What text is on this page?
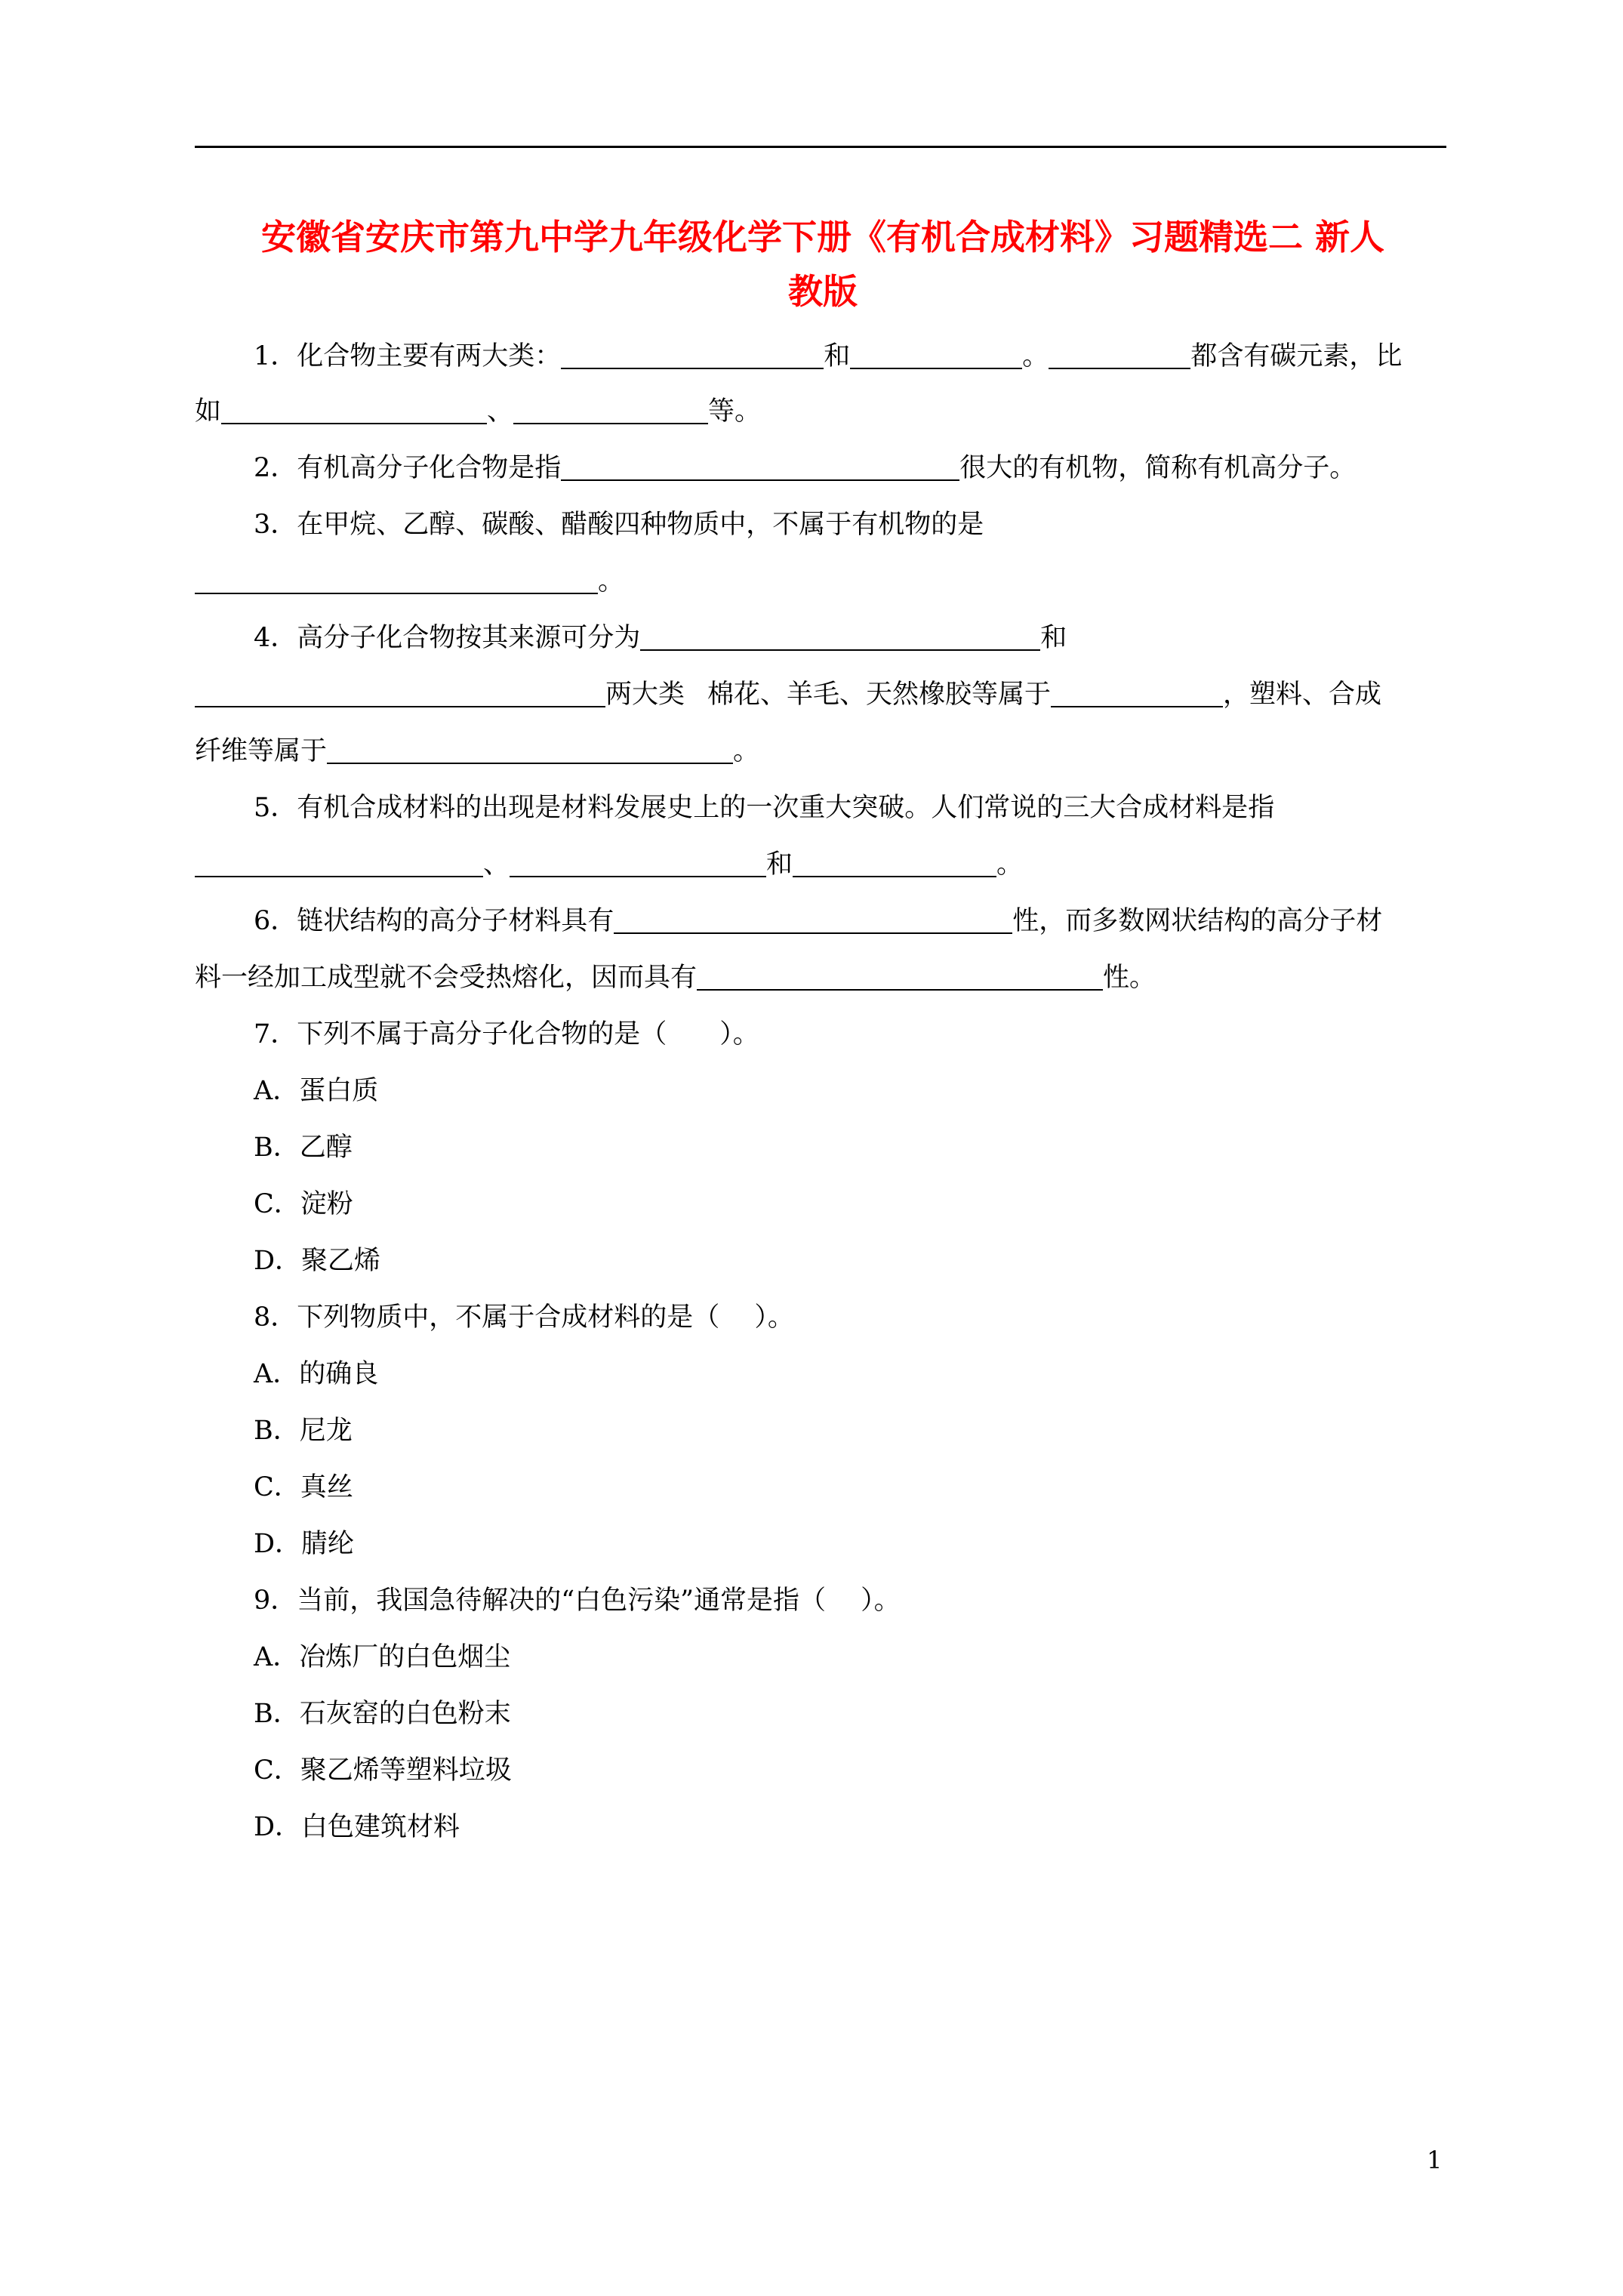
安徽省安庆市第九中学九年级化学下册《有机合成材料》习题精选二 新人
教版
1．化合物主要有两大类：	和	。	都含有碳元素，比
如	、	等。
2．有机高分子化合物是指	很大的有机物，简称有机高分子。
3．在甲烷、乙醇、碳酸、醋酸四种物质中，不属于有机物的是
。
4．高分子化合物按其来源可分为	和
两大类 棉花、羊毛、天然橡胶等属于	，塑料、合成
纤维等属于	。
5．有机合成材料的出现是材料发展史上的一次重大突破。人们常说的三大合成材料是指
、	和	。
6．链状结构的高分子材料具有	性，而多数网状结构的高分子材
料一经加工成型就不会受热熔化，因而具有	性。
7．下列不属于高分子化合物的是（　　）。
A．蛋白质
B．乙醇
C．淀粉
D．聚乙烯
8．下列物质中，不属于合成材料的是（　 ）。
A．的确良
B．尼龙
C．真丝
D．腈纶
9．当前，我国急待解决的“白色污染”通常是指（　 ）。
A．冶炼厂的白色烟尘
B．石灰窑的白色粉末
C．聚乙烯等塑料垃圾
D．白色建筑材料
1
